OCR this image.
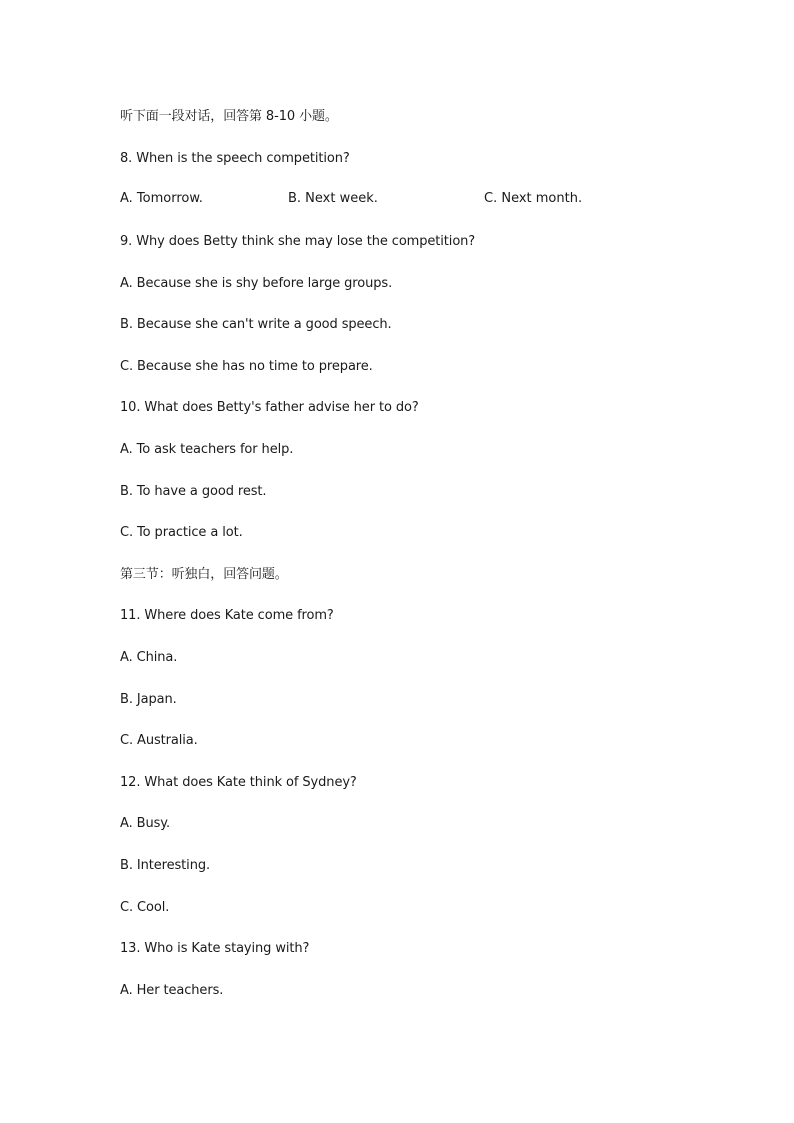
听下面一段对话，回答第 8-10 小题。
8. When is the speech competition?
A. Tomorrow.	B. Next week.	C. Next month.
9. Why does Betty think she may lose the competition?
A. Because she is shy before large groups.
B. Because she can't write a good speech.
C. Because she has no time to prepare.
10. What does Betty's father advise her to do?
A. To ask teachers for help.
B. To have a good rest.
C. To practice a lot.
第三节：听独白，回答问题。
11. Where does Kate come from?
A. China.
B. Japan.
C. Australia.
12. What does Kate think of Sydney?
A. Busy.
B. Interesting.
C. Cool.
13. Who is Kate staying with?
A. Her teachers.
